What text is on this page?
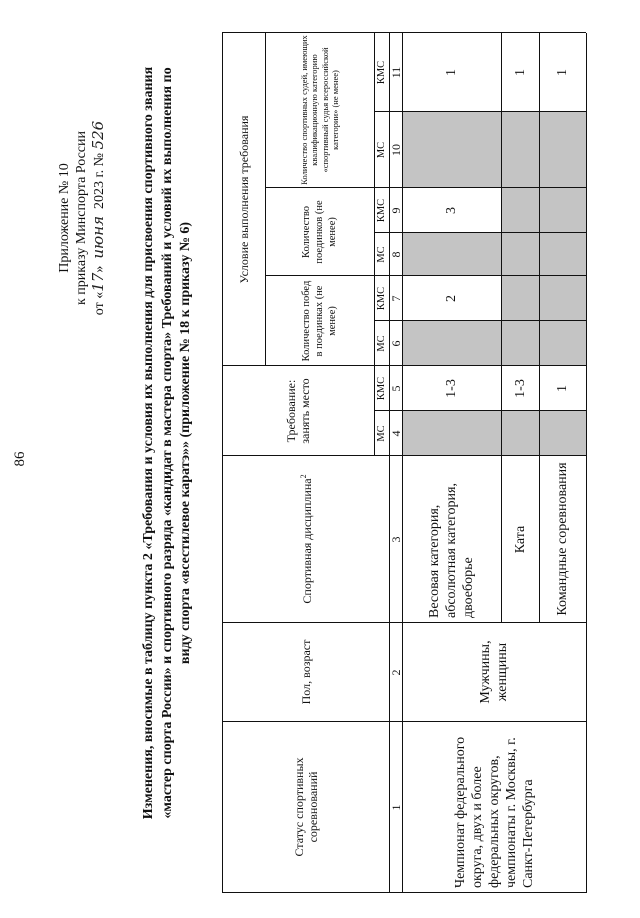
86
Приложение № 10 к приказу Минспорта России от «17»  июня  2023 г. № 526 Изменения, вносимые в таблицу пункта 2 «Требования и условия их выполнения для присвоения спортивного звания «мастер спорта России» и спортивного разряда «кандидат в мастера спорта» Требований и условий их выполнения по виду спорта «всестилевое каратэ»» (приложение № 18 к приказу № 6)
Статус спортивных соревнований
Пол, возраст
Спортивная дисциплина$^2$
Требование: занять место
Условие выполнения требования
Количество побед в поединках (не менее)
Количество поединков (не менее)
Количество спортивных судей, имеющих квалификационную категорию «спортивный судья всероссийской категории» (не менее)
МС
КМС
МС
КМС
МС
КМС
МС
КМС
1
2
3
4
5
6
7
8
9
10
11
Чемпионат федерального округа, двух и более федеральных округов, чемпионаты г. Москвы, г. Санкт-Петербурга
Мужчины, женщины
Весовая категория, абсолютная категория, двоеборье
1-3
2
3
1
Ката
1-3
1
Командные соревнования
1
1
